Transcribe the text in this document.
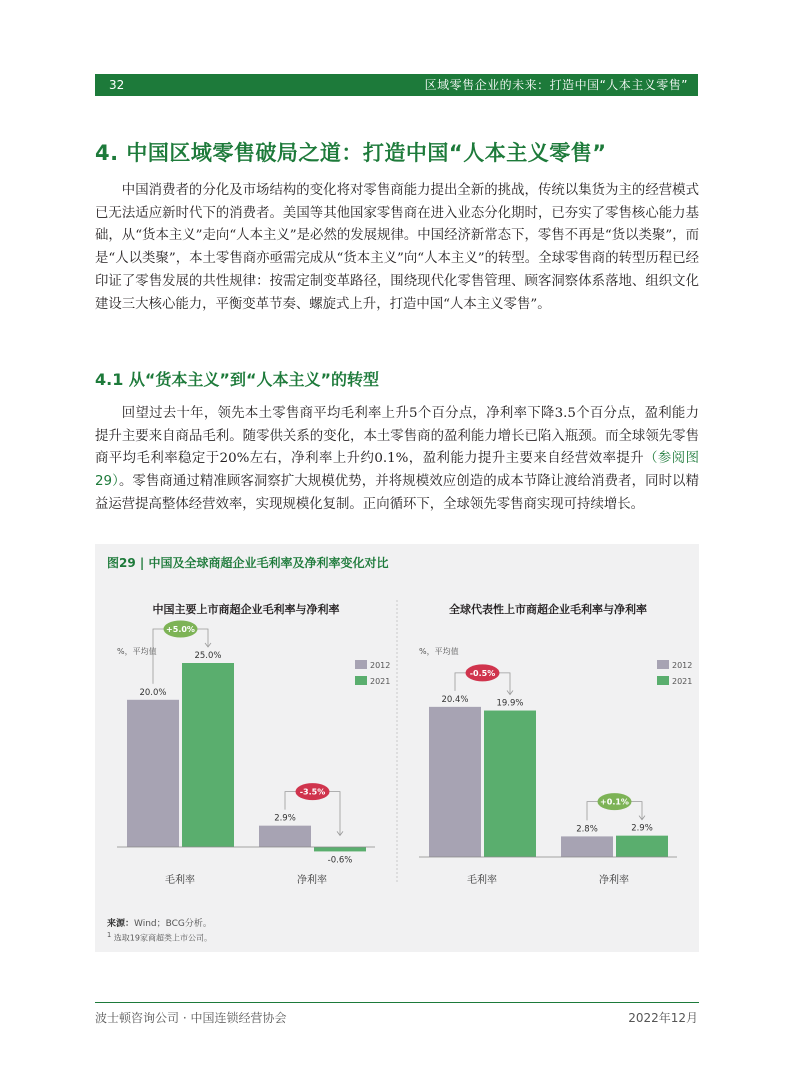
32	区域零售企业的未来：打造中国“人本主义零售”
4. 中国区域零售破局之道：打造中国“人本主义零售”

中国消费者的分化及市场结构的变化将对零售商能力提出全新的挑战，传统以集货为主的经营模式已无法适应新时代下的消费者。美国等其他国家零售商在进入业态分化期时，已夯实了零售核心能力基础，从“货本主义”走向“人本主义”是必然的发展规律。中国经济新常态下，零售不再是“货以类聚”，而是“人以类聚”，本土零售商亦亟需完成从“货本主义”向“人本主义”的转型。全球零售商的转型历程已经印证了零售发展的共性规律：按需定制变革路径，围绕现代化零售管理、顾客洞察体系落地、组织文化建设三大核心能力，平衡变革节奏、螺旋式上升，打造中国“人本主义零售”。

4.1 从“货本主义”到“人本主义”的转型

回望过去十年，领先本土零售商平均毛利率上升5个百分点，净利率下降3.5个百分点，盈利能力提升主要来自商品毛利。随零供关系的变化，本土零售商的盈利能力增长已陷入瓶颈。而全球领先零售商平均毛利率稳定于20%左右，净利率上升约0.1%，盈利能力提升主要来自经营效率提升（参阅图29）。零售商通过精准顾客洞察扩大规模优势，并将规模效应创造的成本节降让渡给消费者，同时以精益运营提高整体经营效率，实现规模化复制。正向循环下，全球领先零售商实现可持续增长。

图29 | 中国及全球商超企业毛利率及净利率变化对比
中国主要上市商超企业毛利率与净利率
%，平均值
2012
2021
20.0%
25.0%
毛利率
+5.0%
2.9%
-0.6%
净利率
-3.5%
全球代表性上市商超企业毛利率与净利率
%，平均值
2012
2021
20.4%	19.9%
毛利率
-0.5%
2.8%	2.9%
净利率
+0.1%
来源：Wind；BCG分析。
$^1$ 选取19家商超类上市公司。
波士顿咨询公司 · 中国连锁经营协会	2022年12月
